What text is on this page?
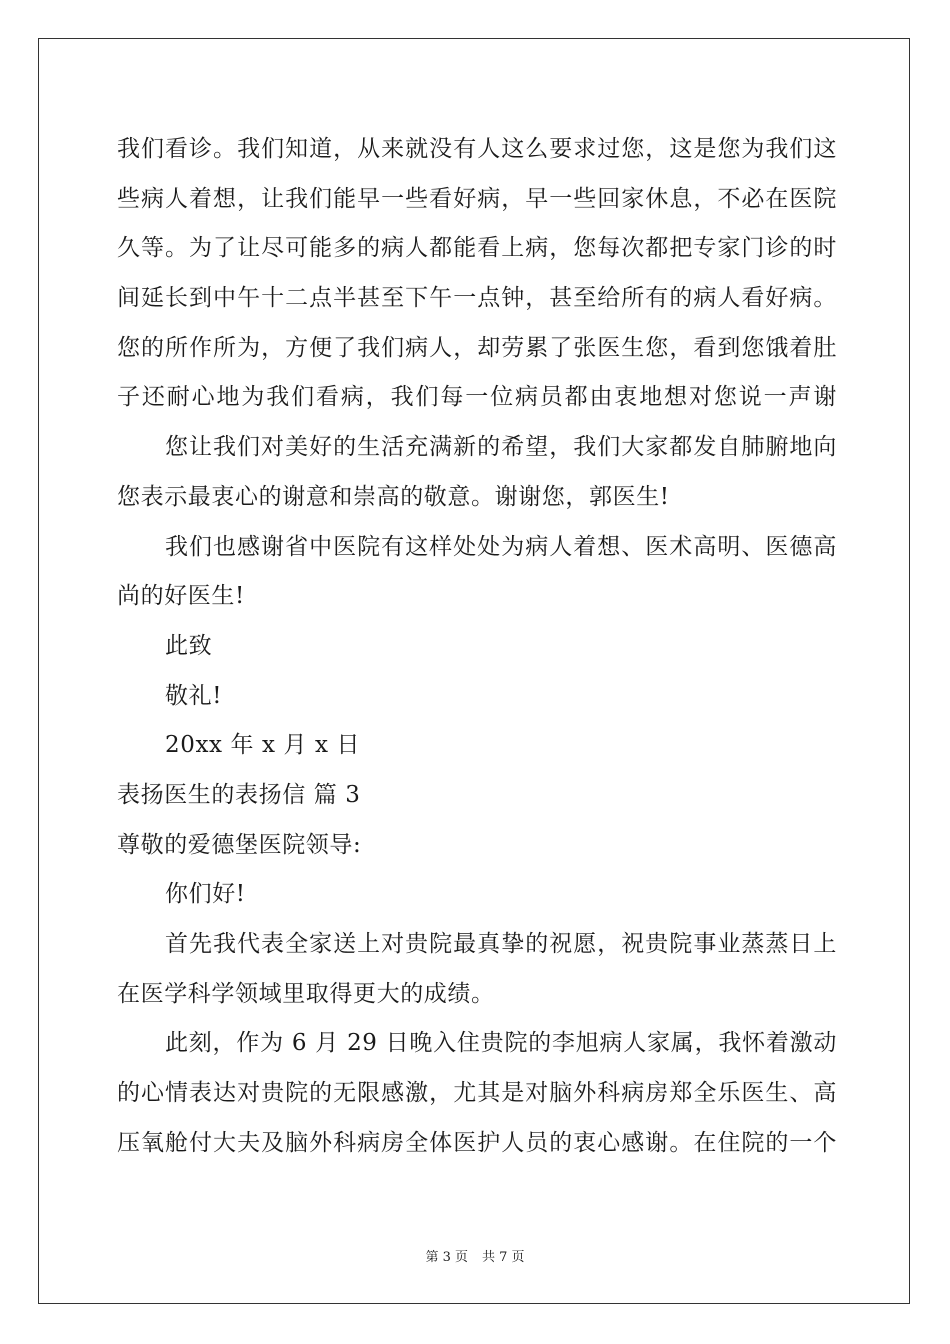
我们看诊。我们知道，从来就没有人这么要求过您，这是您为我们这
些病人着想，让我们能早一些看好病，早一些回家休息，不必在医院
久等。为了让尽可能多的病人都能看上病，您每次都把专家门诊的时
间延长到中午十二点半甚至下午一点钟，甚至给所有的病人看好病。
您的所作所为，方便了我们病人，却劳累了张医生您，看到您饿着肚
子还耐心地为我们看病，我们每一位病员都由衷地想对您说一声谢
您让我们对美好的生活充满新的希望，我们大家都发自肺腑地向
您表示最衷心的谢意和崇高的敬意。谢谢您，郭医生!
我们也感谢省中医院有这样处处为病人着想、医术高明、医德高
尚的好医生!
此致
敬礼!
20xx 年 x 月 x 日
表扬医生的表扬信 篇 3
尊敬的爱德堡医院领导:
你们好!
首先我代表全家送上对贵院最真挚的祝愿，祝贵院事业蒸蒸日上
在医学科学领域里取得更大的成绩。
此刻，作为 6 月 29 日晚入住贵院的李旭病人家属，我怀着激动
的心情表达对贵院的无限感激，尤其是对脑外科病房郑全乐医生、高
压氧舱付大夫及脑外科病房全体医护人员的衷心感谢。在住院的一个
第 3 页 共 7 页
